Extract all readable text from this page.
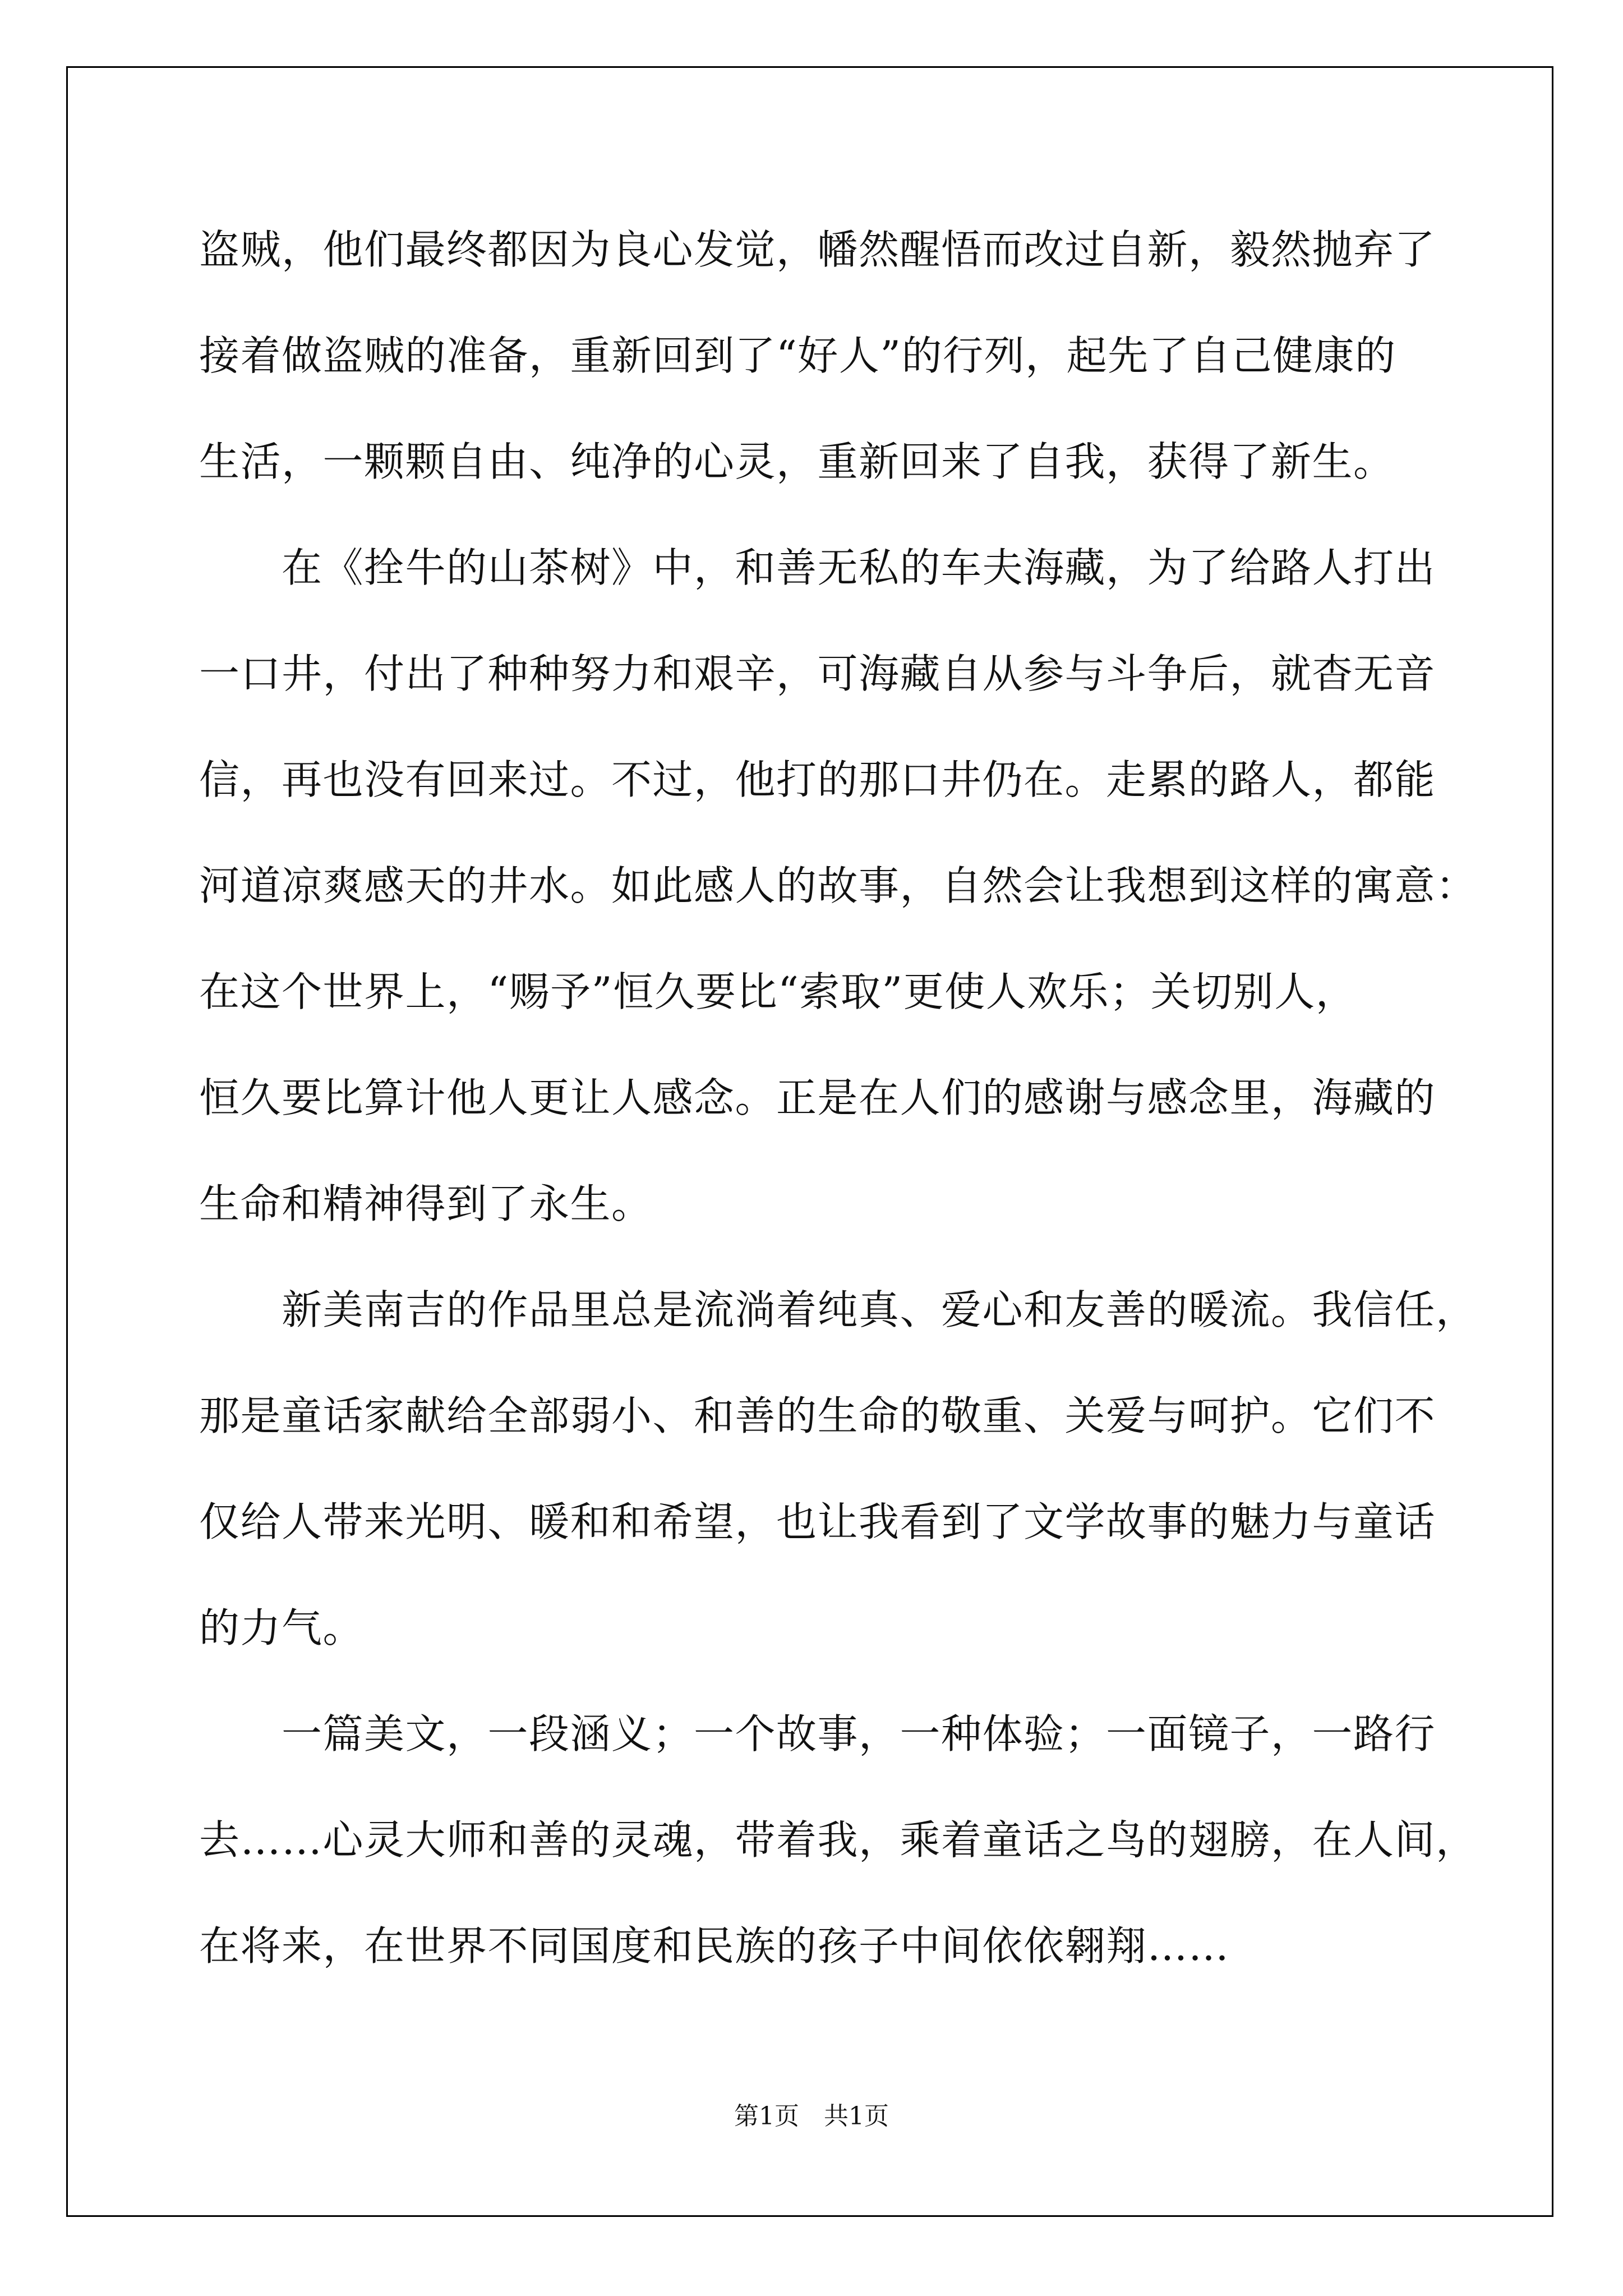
盗贼，他们最终都因为良心发觉，幡然醒悟而改过自新，毅然抛弃了

接着做盗贼的准备，重新回到了“好人”的行列，起先了自己健康的

生活，一颗颗自由、纯净的心灵，重新回来了自我，获得了新生。

　　在《拴牛的山茶树》中，和善无私的车夫海藏，为了给路人打出

一口井，付出了种种努力和艰辛，可海藏自从参与斗争后，就杳无音

信，再也没有回来过。不过，他打的那口井仍在。走累的路人，都能

河道凉爽感天的井水。如此感人的故事，自然会让我想到这样的寓意：

在这个世界上，“赐予”恒久要比“索取”更使人欢乐；关切别人，

恒久要比算计他人更让人感念。正是在人们的感谢与感念里，海藏的

生命和精神得到了永生。

　　新美南吉的作品里总是流淌着纯真、爱心和友善的暖流。我信任，

那是童话家献给全部弱小、和善的生命的敬重、关爱与呵护。它们不

仅给人带来光明、暖和和希望，也让我看到了文学故事的魅力与童话

的力气。

　　一篇美文，一段涵义；一个故事，一种体验；一面镜子，一路行

去……心灵大师和善的灵魂，带着我，乘着童话之鸟的翅膀，在人间，

在将来，在世界不同国度和民族的孩子中间依依翱翔……

第1页　共1页
